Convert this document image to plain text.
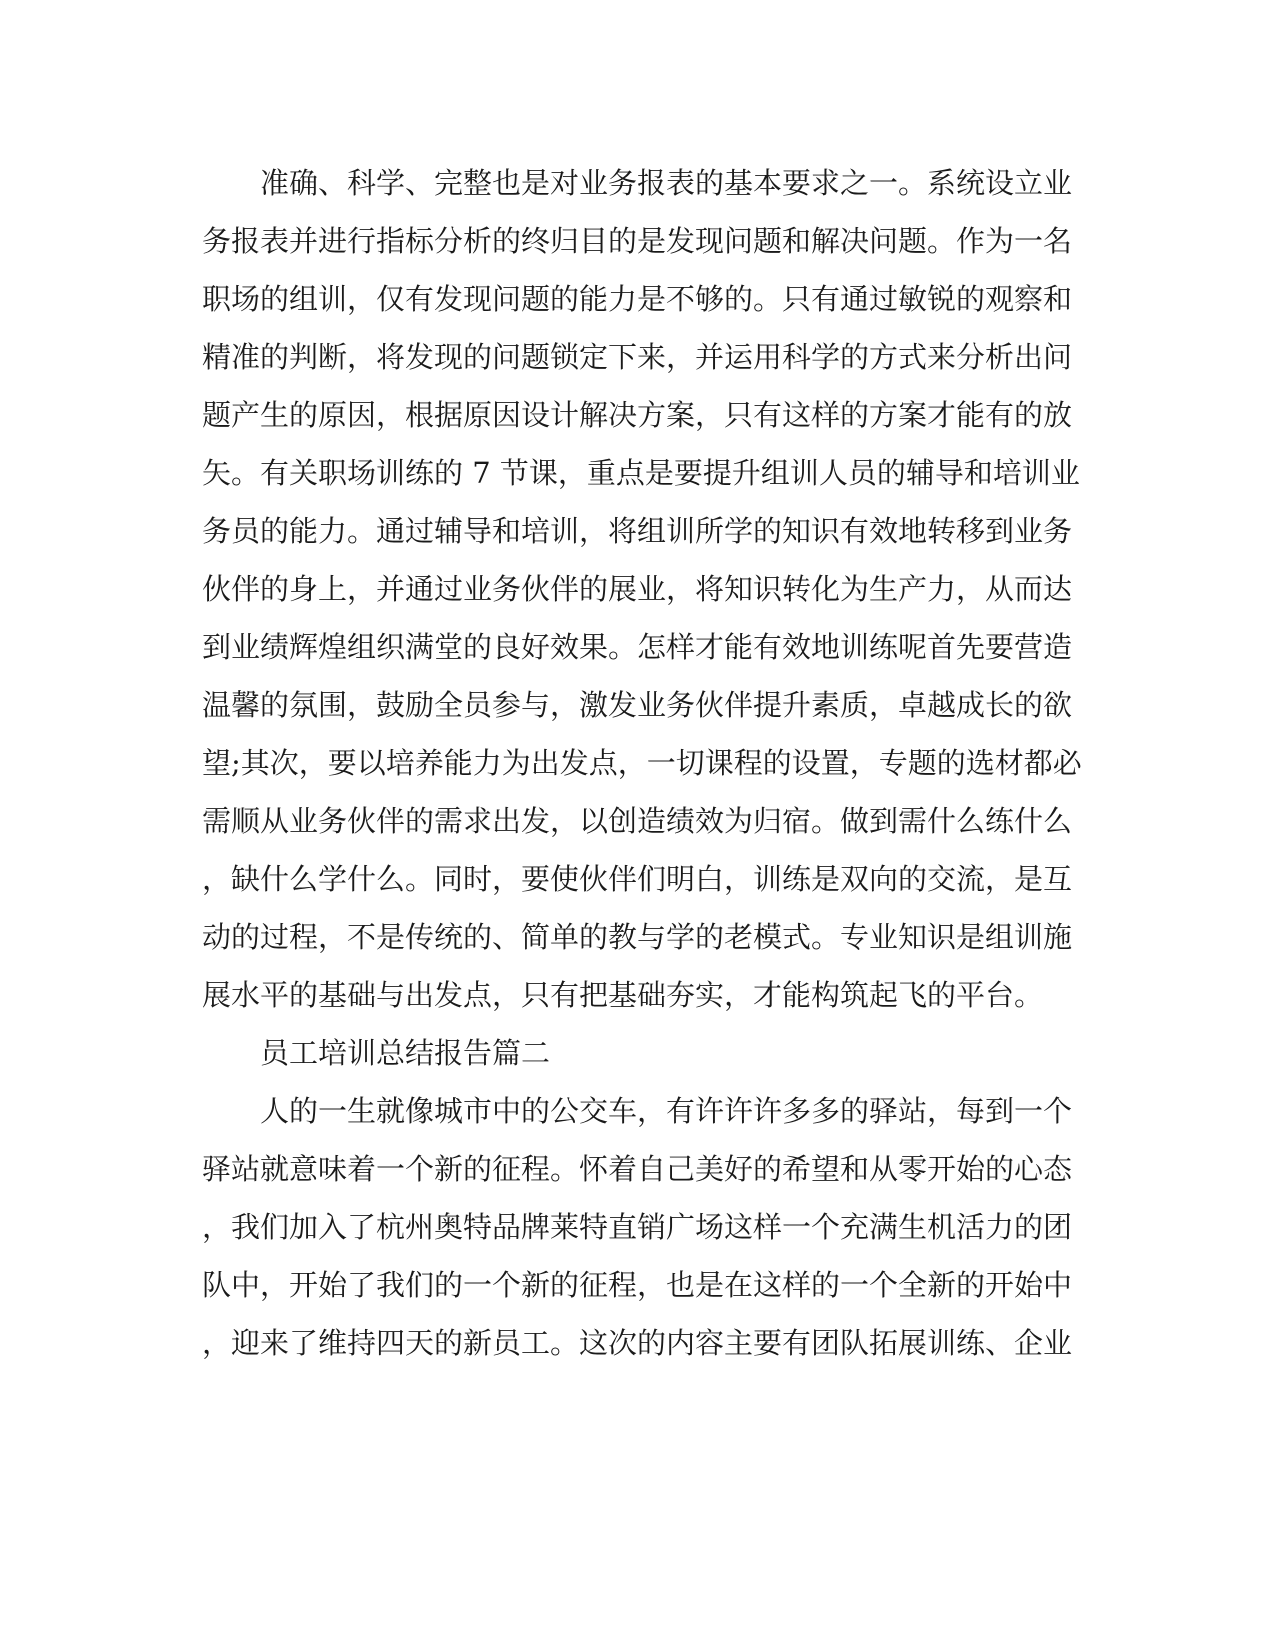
准确、科学、完整也是对业务报表的基本要求之一。系统设立业
务报表并进行指标分析的终归目的是发现问题和解决问题。作为一名
职场的组训，仅有发现问题的能力是不够的。只有通过敏锐的观察和
精准的判断，将发现的问题锁定下来，并运用科学的方式来分析出问
题产生的原因，根据原因设计解决方案，只有这样的方案才能有的放
矢。有关职场训练的 7 节课，重点是要提升组训人员的辅导和培训业
务员的能力。通过辅导和培训，将组训所学的知识有效地转移到业务
伙伴的身上，并通过业务伙伴的展业，将知识转化为生产力，从而达
到业绩辉煌组织满堂的良好效果。怎样才能有效地训练呢首先要营造
温馨的氛围，鼓励全员参与，激发业务伙伴提升素质，卓越成长的欲
望;其次，要以培养能力为出发点，一切课程的设置，专题的选材都必
需顺从业务伙伴的需求出发，以创造绩效为归宿。做到需什么练什么
，缺什么学什么。同时，要使伙伴们明白，训练是双向的交流，是互
动的过程，不是传统的、简单的教与学的老模式。专业知识是组训施
展水平的基础与出发点，只有把基础夯实，才能构筑起飞的平台。
员工培训总结报告篇二
人的一生就像城市中的公交车，有许许许多多的驿站，每到一个
驿站就意味着一个新的征程。怀着自己美好的希望和从零开始的心态
，我们加入了杭州奥特品牌莱特直销广场这样一个充满生机活力的团
队中，开始了我们的一个新的征程，也是在这样的一个全新的开始中
，迎来了维持四天的新员工。这次的内容主要有团队拓展训练、企业
